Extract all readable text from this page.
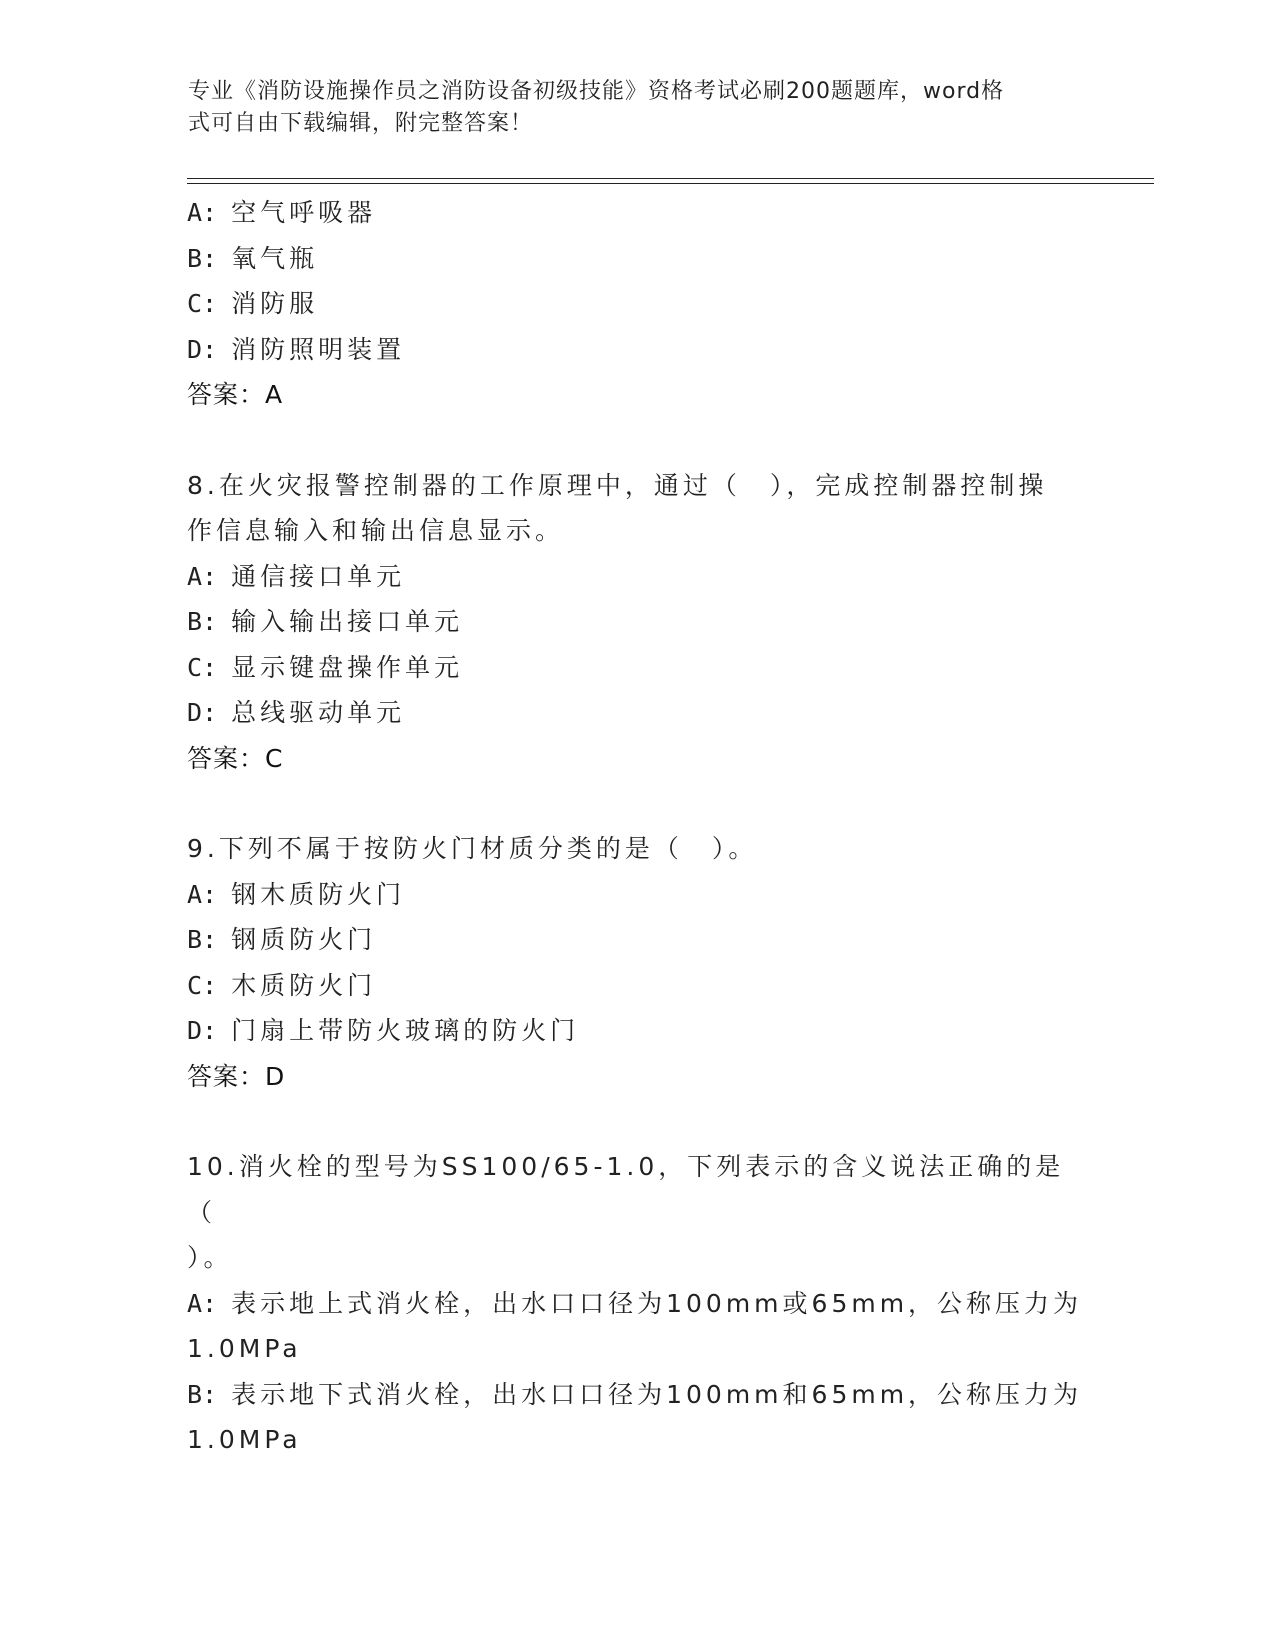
专业《消防设施操作员之消防设备初级技能》资格考试必刷200题题库，word格
式可自由下载编辑，附完整答案！
A: 空气呼吸器
B: 氧气瓶
C: 消防服
D: 消防照明装置
答案：A
8.在火灾报警控制器的工作原理中，通过（　），完成控制器控制操
作信息输入和输出信息显示。
A: 通信接口单元
B: 输入输出接口单元
C: 显示键盘操作单元
D: 总线驱动单元
答案：C
9.下列不属于按防火门材质分类的是（　）。
A: 钢木质防火门
B: 钢质防火门
C: 木质防火门
D: 门扇上带防火玻璃的防火门
答案：D
10.消火栓的型号为SS100/65-1.0，下列表示的含义说法正确的是（
）。
A: 表示地上式消火栓，出水口口径为100mm或65mm，公称压力为
1.0MPa
B: 表示地下式消火栓，出水口口径为100mm和65mm，公称压力为
1.0MPa
